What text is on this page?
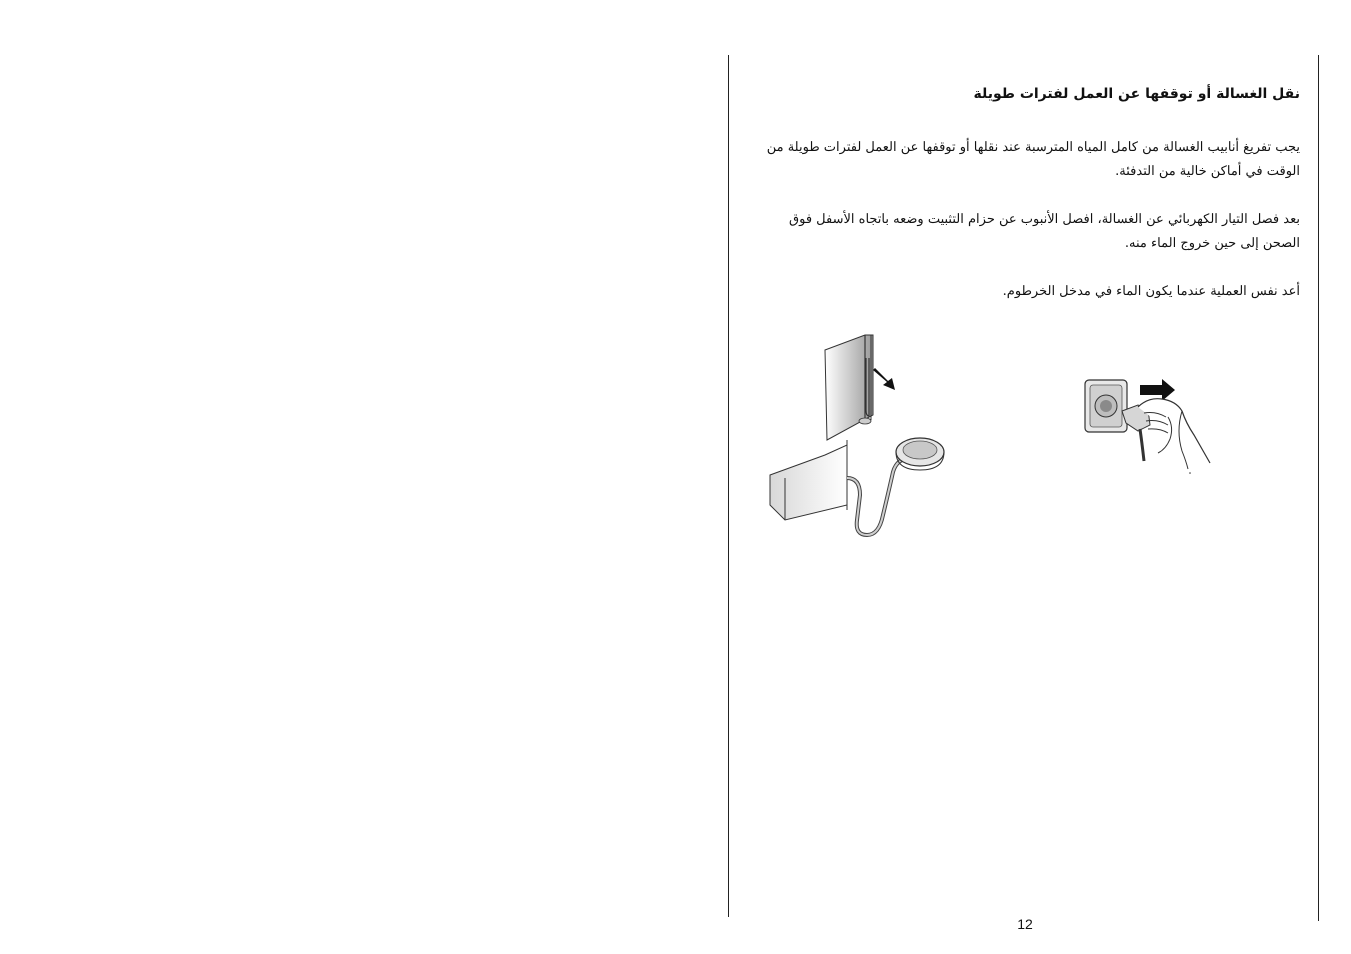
نقل الغسالة أو توقفها عن العمل لفترات طويلة

يجب تفريغ أنابيب الغسالة من كامل المياه المترسبة عند نقلها أو توقفها عن العمل لفترات طويلة من الوقت في أماكن خالية من التدفئة.

بعد فصل التيار الكهربائي عن الغسالة، افصل الأنبوب عن حزام التثبيت وضعه باتجاه الأسفل فوق الصحن إلى حين خروج الماء منه.

أعد نفس العملية عندما يكون الماء في مدخل الخرطوم.

12
